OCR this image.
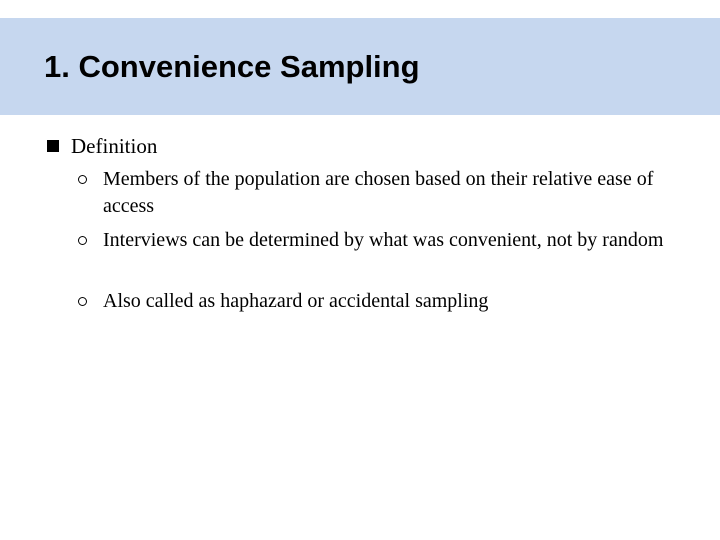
1. Convenience Sampling
Definition
Members of the population are chosen based on their relative ease of access
Interviews can be determined by what was convenient, not by random
Also called as haphazard or accidental sampling
